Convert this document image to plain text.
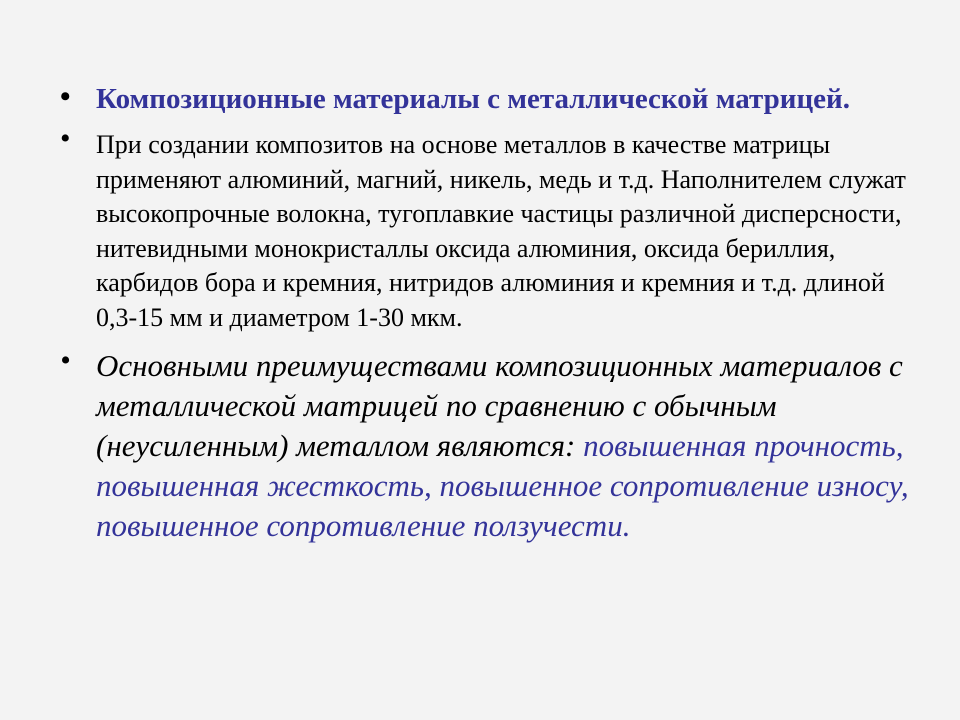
• Композиционные материалы с металлической матрицей.
• При создании композитов на основе металлов в качестве матрицы применяют алюминий, магний, никель, медь и т.д. Наполнителем служат высокопрочные волокна, тугоплавкие частицы различной дисперсности, нитевидными монокристаллы оксида алюминия, оксида бериллия, карбидов бора и кремния, нитридов алюминия и кремния и т.д. длиной 0,3-15 мм и диаметром 1-30 мкм.
• Основными преимуществами композиционных материалов с металлической матрицей по сравнению с обычным (неусиленным) металлом являются: повышенная прочность, повышенная жесткость, повышенное сопротивление износу, повышенное сопротивление ползучести.
